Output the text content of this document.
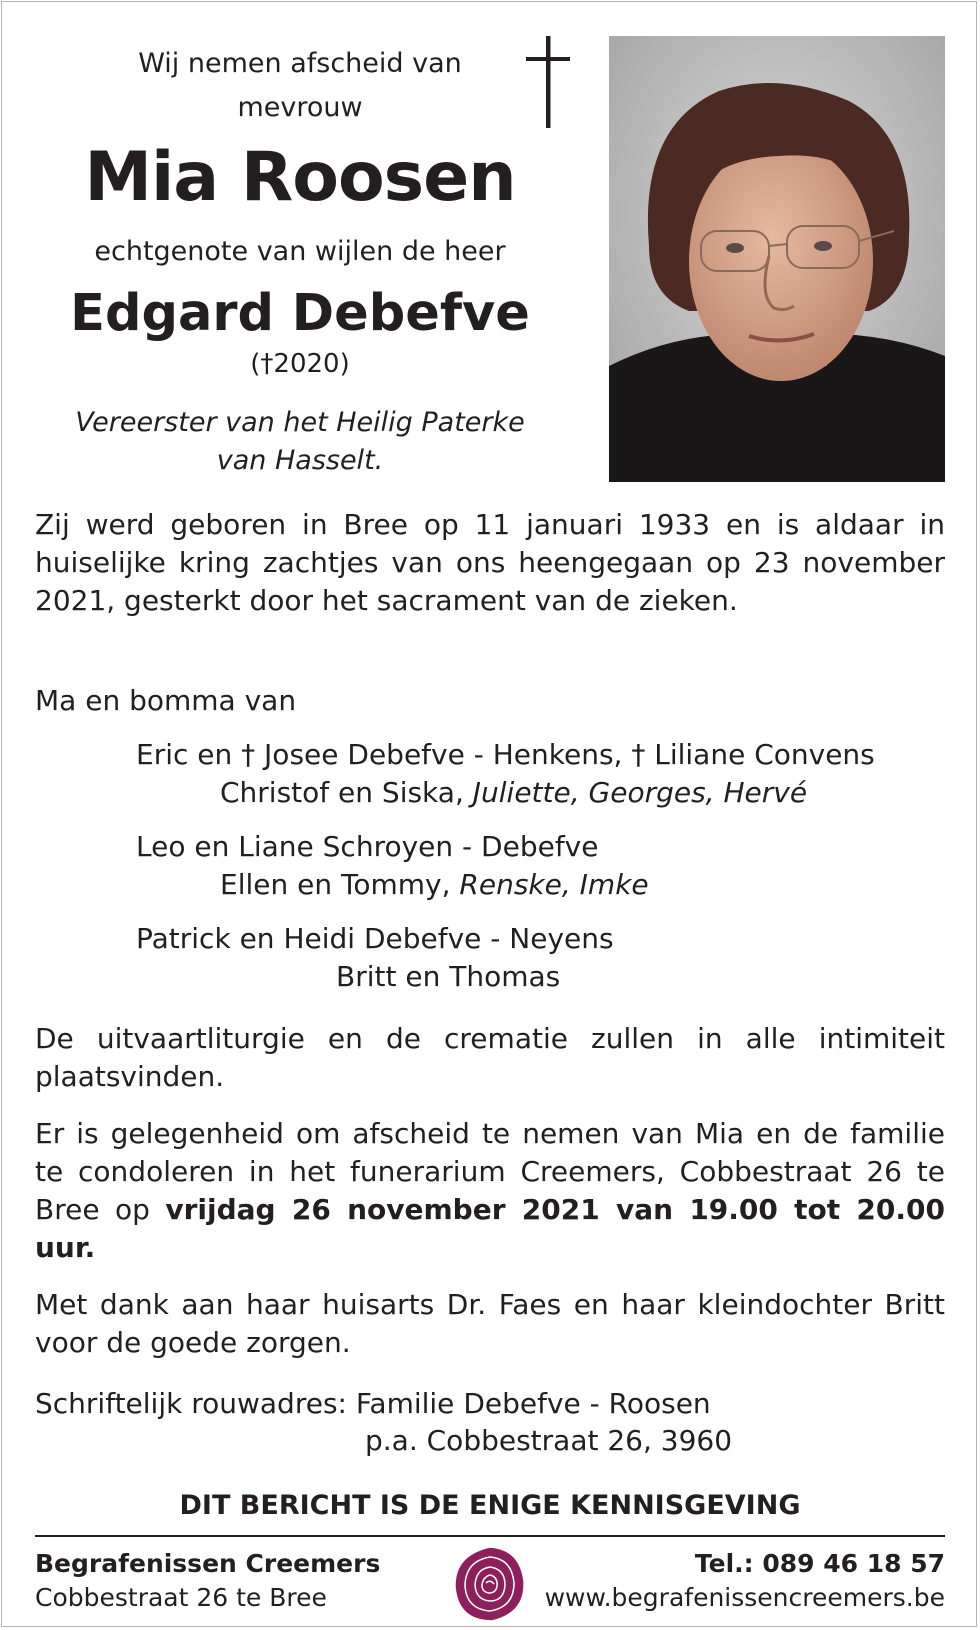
Wij nemen afscheid van
mevrouw
Mia Roosen
echtgenote van wijlen de heer
Edgard Debefve
(†2020)
Vereerster van het Heilig Paterke
van Hasselt.
Zij werd geboren in Bree op 11 januari 1933 en is aldaar in huiselijke kring zachtjes van ons heengegaan op 23 november 2021, gesterkt door het sacrament van de zieken.
Ma en bomma van
Eric en † Josee Debefve - Henkens, † Liliane Convens
Christof en Siska, Juliette, Georges, Hervé
Leo en Liane Schroyen - Debefve
Ellen en Tommy, Renske, Imke
Patrick en Heidi Debefve - Neyens
Britt en Thomas
De uitvaartliturgie en de crematie zullen in alle intimiteit plaatsvinden.
Er is gelegenheid om afscheid te nemen van Mia en de familie te condoleren in het funerarium Creemers, Cobbestraat 26 te Bree op vrijdag 26 november 2021 van 19.00 tot 20.00 uur.
Met dank aan haar huisarts Dr. Faes en haar kleindochter Britt voor de goede zorgen.
Schriftelijk rouwadres: Familie Debefve - Roosen
p.a. Cobbestraat 26, 3960
DIT BERICHT IS DE ENIGE KENNISGEVING
Begrafenissen Creemers
Cobbestraat 26 te Bree
Tel.: 089 46 18 57
www.begrafenissencreemers.be
